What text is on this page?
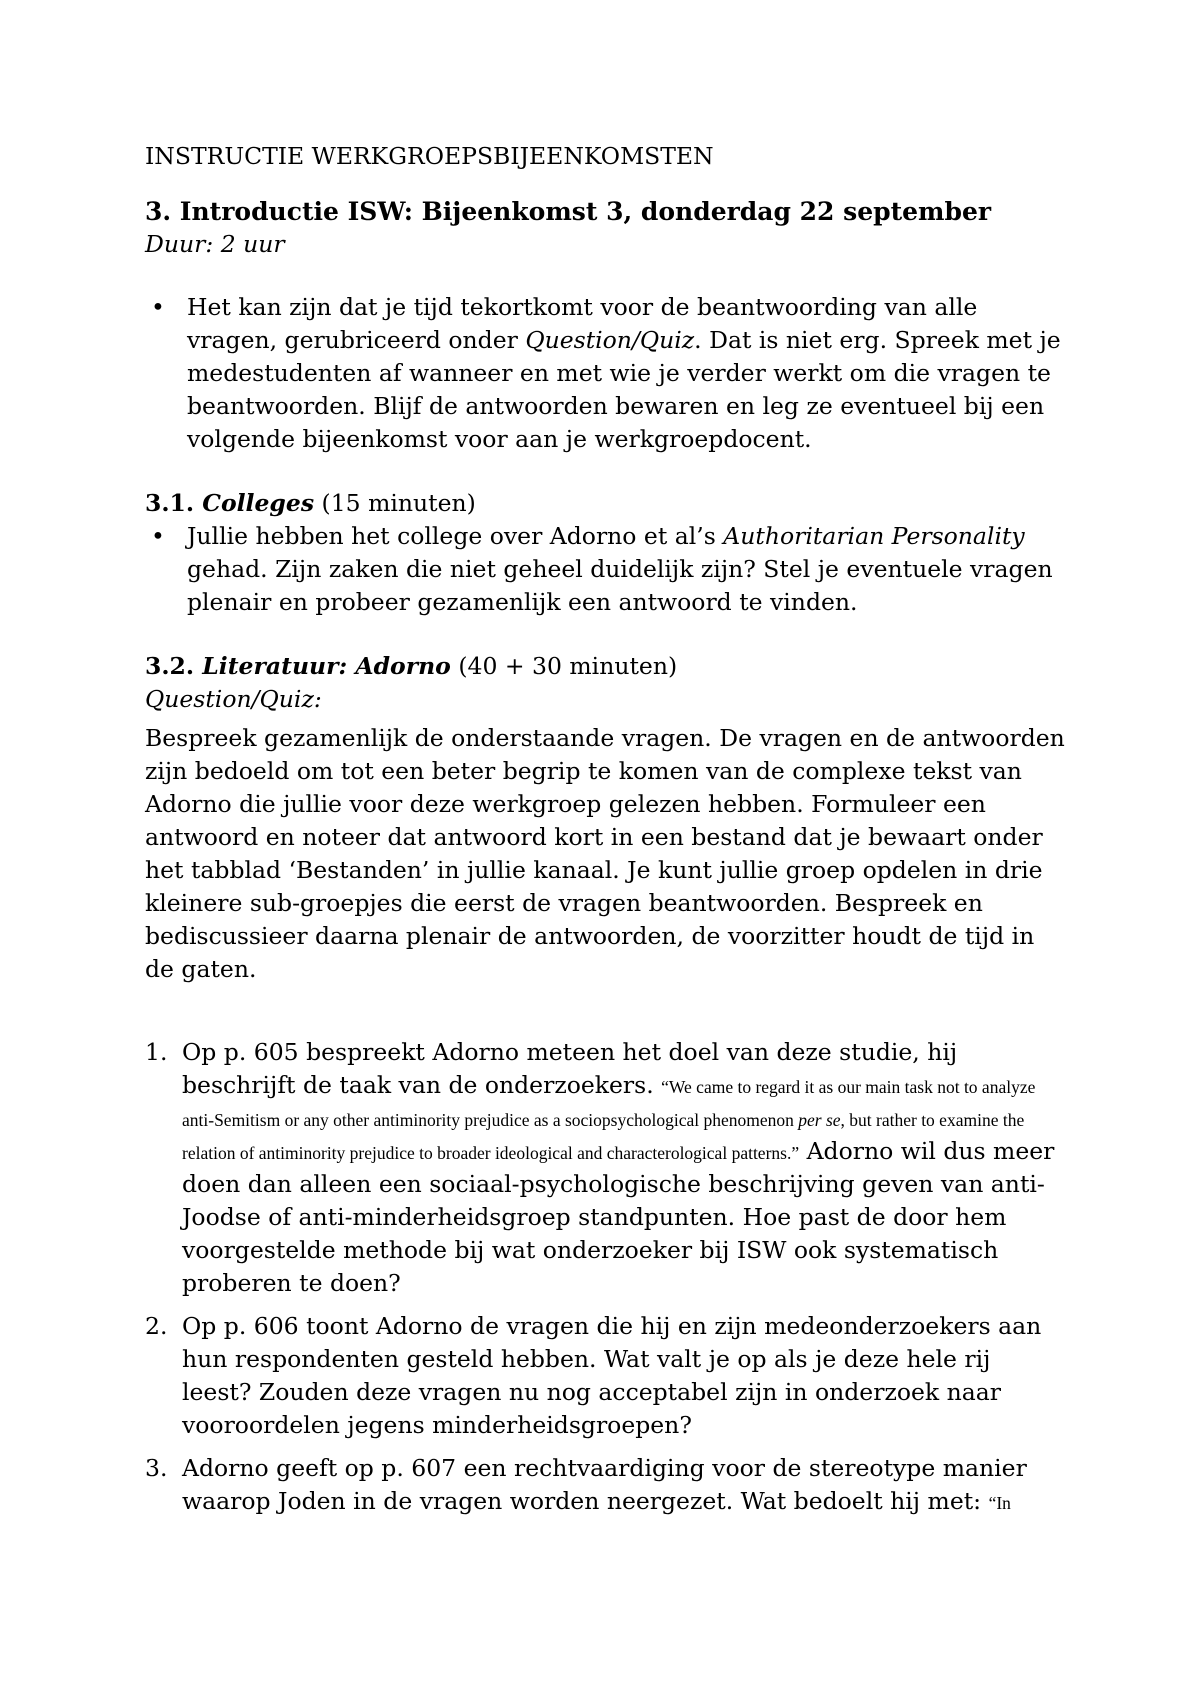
INSTRUCTIE WERKGROEPSBIJEENKOMSTEN
3. Introductie ISW: Bijeenkomst 3, donderdag 22 september

Duur: 2 uur

• Het kan zijn dat je tijd tekortkomt voor de beantwoording van alle vragen, gerubriceerd onder Question/Quiz. Dat is niet erg. Spreek met je medestudenten af wanneer en met wie je verder werkt om die vragen te beantwoorden. Blijf de antwoorden bewaren en leg ze eventueel bij een volgende bijeenkomst voor aan je werkgroepdocent.

3.1. Colleges (15 minuten)

• Jullie hebben het college over Adorno et al’s Authoritarian Personality gehad. Zijn zaken die niet geheel duidelijk zijn? Stel je eventuele vragen plenair en probeer gezamenlijk een antwoord te vinden.

3.2. Literatuur: Adorno (40 + 30 minuten)

Question/Quiz:

Bespreek gezamenlijk de onderstaande vragen. De vragen en de antwoorden zijn bedoeld om tot een beter begrip te komen van de complexe tekst van Adorno die jullie voor deze werkgroep gelezen hebben. Formuleer een antwoord en noteer dat antwoord kort in een bestand dat je bewaart onder het tabblad ‘Bestanden’ in jullie kanaal. Je kunt jullie groep opdelen in drie kleinere sub-groepjes die eerst de vragen beantwoorden. Bespreek en bediscussieer daarna plenair de antwoorden, de voorzitter houdt de tijd in de gaten.

1. Op p. 605 bespreekt Adorno meteen het doel van deze studie, hij beschrijft de taak van de onderzoekers. “We came to regard it as our main task not to analyze anti-Semitism or any other antiminority prejudice as a sociopsychological phenomenon per se, but rather to examine the relation of antiminority prejudice to broader ideological and characterological patterns.” Adorno wil dus meer doen dan alleen een sociaal-psychologische beschrijving geven van anti-Joodse of anti-minderheidsgroep standpunten. Hoe past de door hem voorgestelde methode bij wat onderzoeker bij ISW ook systematisch proberen te doen?
2. Op p. 606 toont Adorno de vragen die hij en zijn medeonderzoekers aan hun respondenten gesteld hebben. Wat valt je op als je deze hele rij leest? Zouden deze vragen nu nog acceptabel zijn in onderzoek naar vooroordelen jegens minderheidsgroepen?
3. Adorno geeft op p. 607 een rechtvaardiging voor de stereotype manier waarop Joden in de vragen worden neergezet. Wat bedoelt hij met: “In
